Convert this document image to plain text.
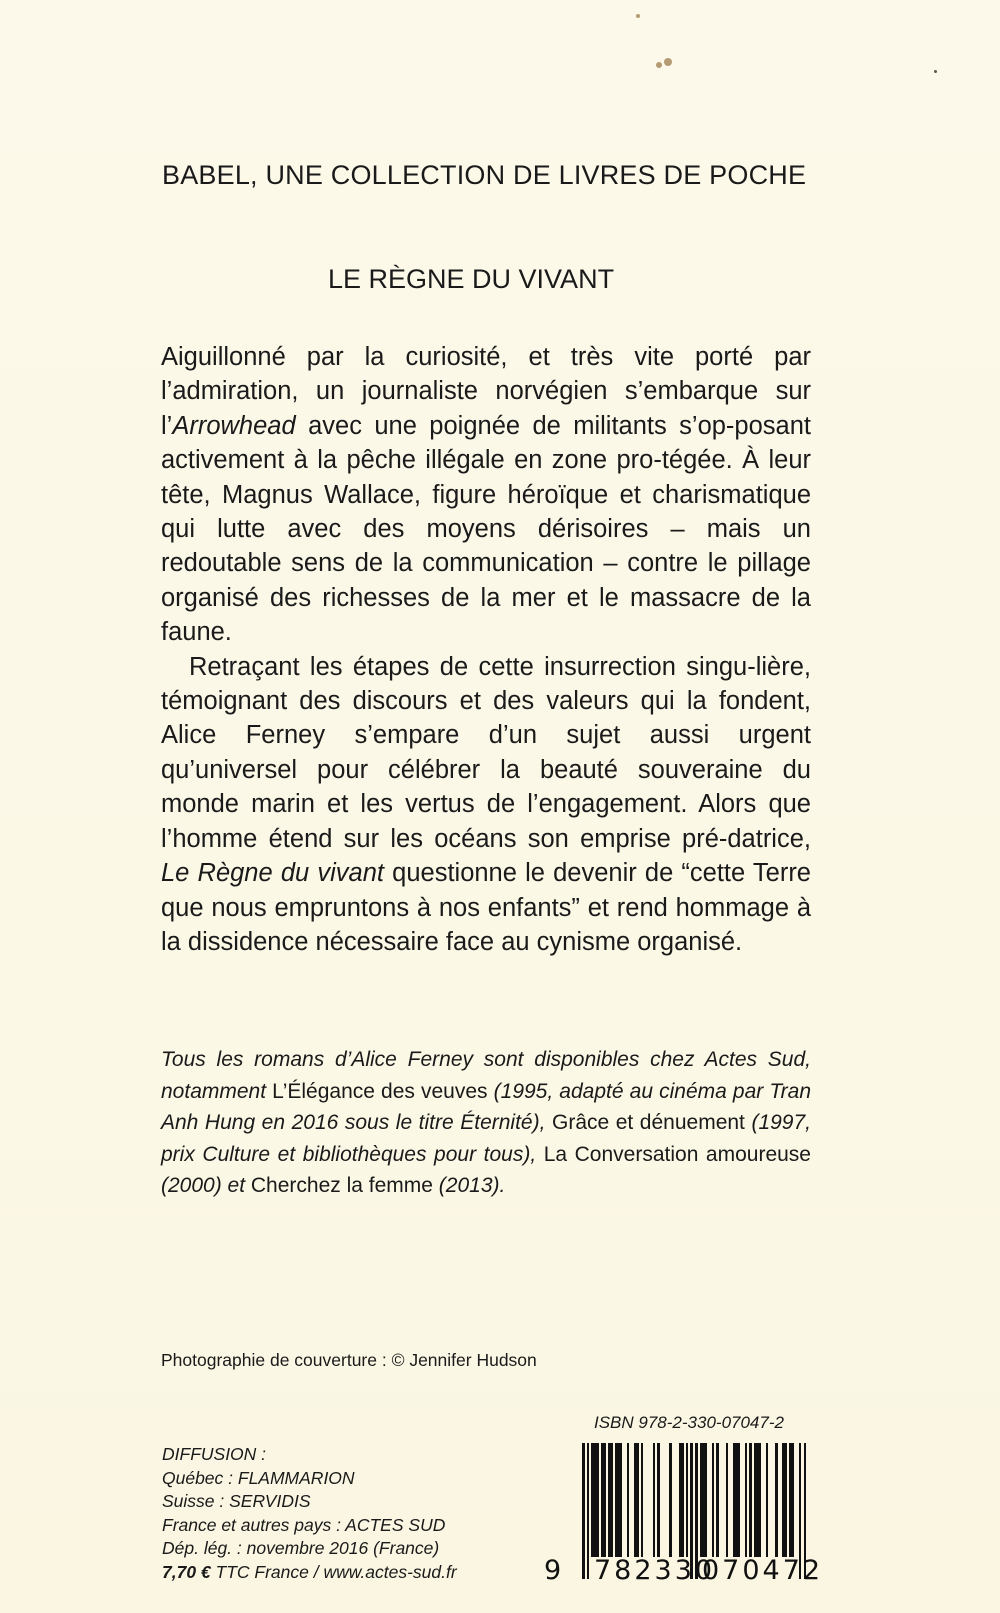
BABEL, UNE COLLECTION DE LIVRES DE POCHE
LE RÈGNE DU VIVANT

Aiguillonné par la curiosité, et très vite porté par l’admiration, un journaliste norvégien s’embarque sur l’Arrowhead avec une poignée de militants s’op-posant activement à la pêche illégale en zone pro-tégée. À leur tête, Magnus Wallace, figure héroïque et charismatique qui lutte avec des moyens dérisoires – mais un redoutable sens de la communication – contre le pillage organisé des richesses de la mer et le massacre de la faune.

Retraçant les étapes de cette insurrection singu-lière, témoignant des discours et des valeurs qui la fondent, Alice Ferney s’empare d’un sujet aussi urgent qu’universel pour célébrer la beauté souveraine du monde marin et les vertus de l’engagement. Alors que l’homme étend sur les océans son emprise pré-datrice, Le Règne du vivant questionne le devenir de “cette Terre que nous empruntons à nos enfants” et rend hommage à la dissidence nécessaire face au cynisme organisé.

Tous les romans d’Alice Ferney sont disponibles chez Actes Sud, notamment L’Élégance des veuves (1995, adapté au cinéma par Tran Anh Hung en 2016 sous le titre Éternité), Grâce et dénuement (1997, prix Culture et bibliothèques pour tous), La Conversation amoureuse (2000) et Cherchez la femme (2013).
Photographie de couverture : © Jennifer Hudson
ISBN 978-2-330-07047-2
DIFFUSION :
Québec : FLAMMARION
Suisse : SERVIDIS
France et autres pays : ACTES SUD
Dép. lég. : novembre 2016 (France)
7,70 € TTC France / www.actes-sud.fr	9 782330
070472
